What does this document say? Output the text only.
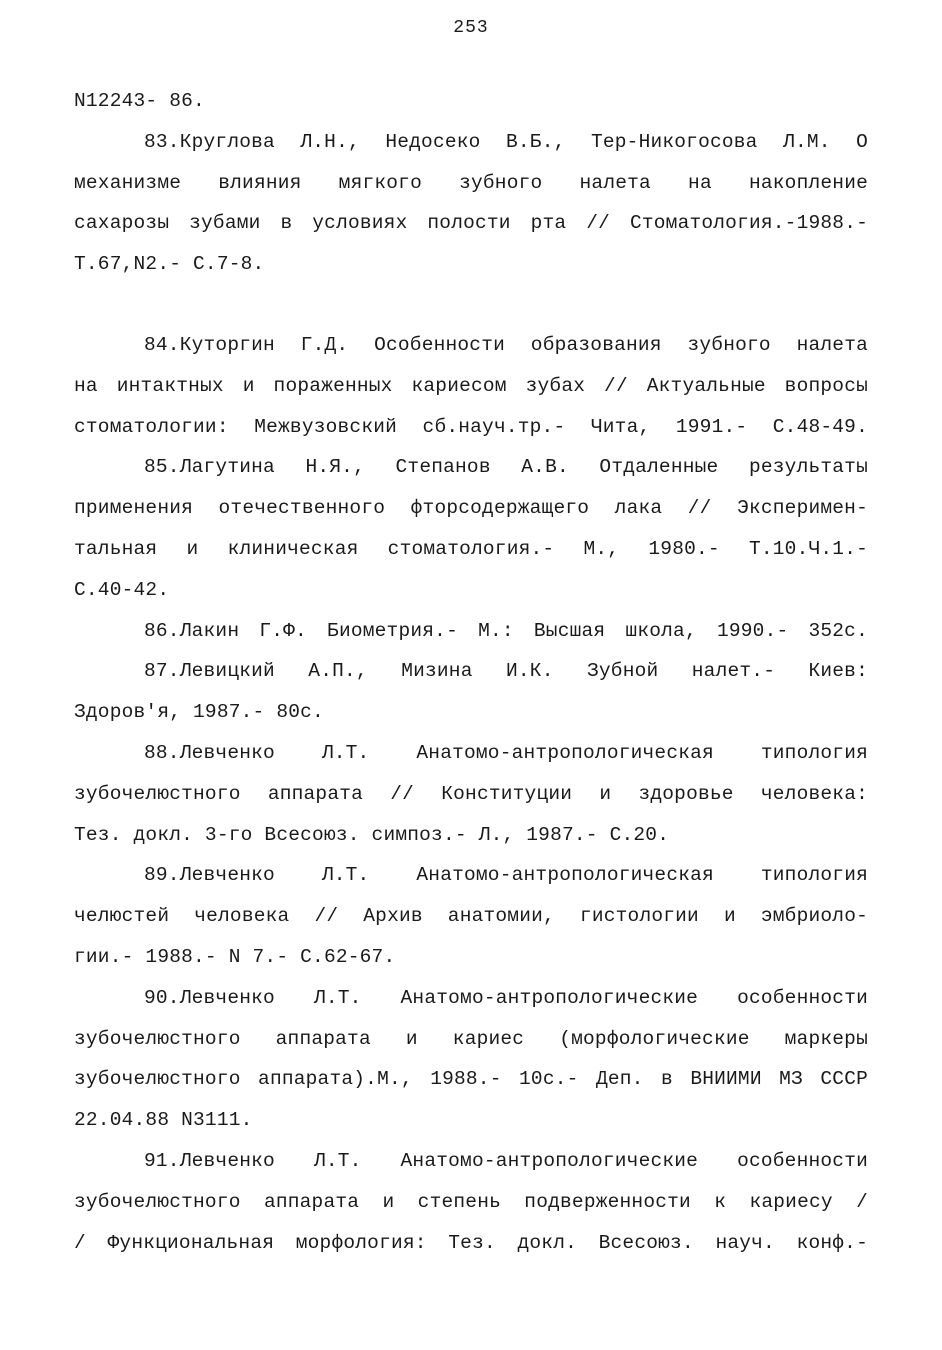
253
N12243- 86.
83.Круглова Л.Н., Недосеко В.Б., Тер-Никогосова Л.М. О
механизме влияния мягкого зубного налета на накопление
сахарозы зубами в условиях полости рта // Стоматология.-1988.-
Т.67,N2.- С.7-8.
84.Куторгин Г.Д. Особенности образования зубного налета
на интактных и пораженных кариесом зубах // Актуальные вопросы
стоматологии: Межвузовский сб.науч.тр.- Чита, 1991.- С.48-49.
85.Лагутина Н.Я., Степанов А.В. Отдаленные результаты
применения отечественного фторсодержащего лака // Эксперимен-
тальная и клиническая стоматология.- М., 1980.- Т.10.Ч.1.-
С.40-42.
86.Лакин Г.Ф. Биометрия.- М.: Высшая школа, 1990.- 352с.
87.Левицкий А.П., Мизина И.К. Зубной налет.- Киев:
Здоров'я, 1987.- 80с.
88.Левченко Л.Т. Анатомо-антропологическая типология
зубочелюстного аппарата // Конституции и здоровье человека:
Тез. докл. 3-го Всесоюз. симпоз.- Л., 1987.- С.20.
89.Левченко Л.Т. Анатомо-антропологическая типология
челюстей человека // Архив анатомии, гистологии и эмбриоло-
гии.- 1988.- N 7.- С.62-67.
90.Левченко Л.Т. Анатомо-антропологические особенности
зубочелюстного аппарата и кариес (морфологические маркеры
зубочелюстного аппарата).М., 1988.- 10с.- Деп. в ВНИИМИ МЗ СССР
22.04.88 N3111.
91.Левченко Л.Т. Анатомо-антропологические особенности
зубочелюстного аппарата и степень подверженности к кариесу /
/ Функциональная морфология: Тез. докл. Всесоюз. науч. конф.-
